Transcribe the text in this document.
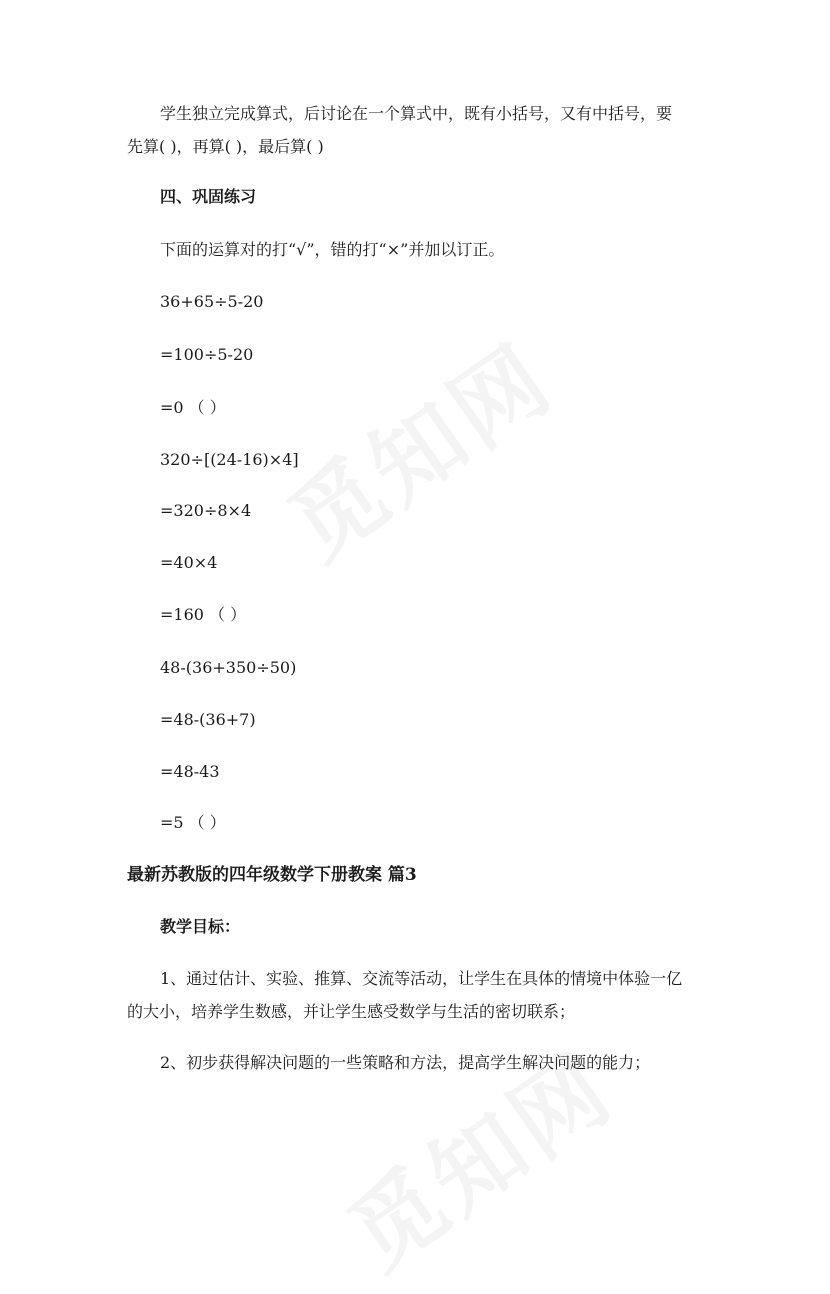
学生独立完成算式，后讨论在一个算式中，既有小括号，又有中括号，要
先算( )，再算( )，最后算( )
四、巩固练习
下面的运算对的打“√”，错的打“×”并加以订正。
36+65÷5-20
=100÷5-20
=0 （ ）
320÷[(24-16)×4]
=320÷8×4
=40×4
=160 （ ）
48-(36+350÷50)
=48-(36+7)
=48-43
=5 （ ）
最新苏教版的四年级数学下册教案 篇3
教学目标：
1、通过估计、实验、推算、交流等活动，让学生在具体的情境中体验一亿
的大小，培养学生数感，并让学生感受数学与生活的密切联系；
2、初步获得解决问题的一些策略和方法，提高学生解决问题的能力；
